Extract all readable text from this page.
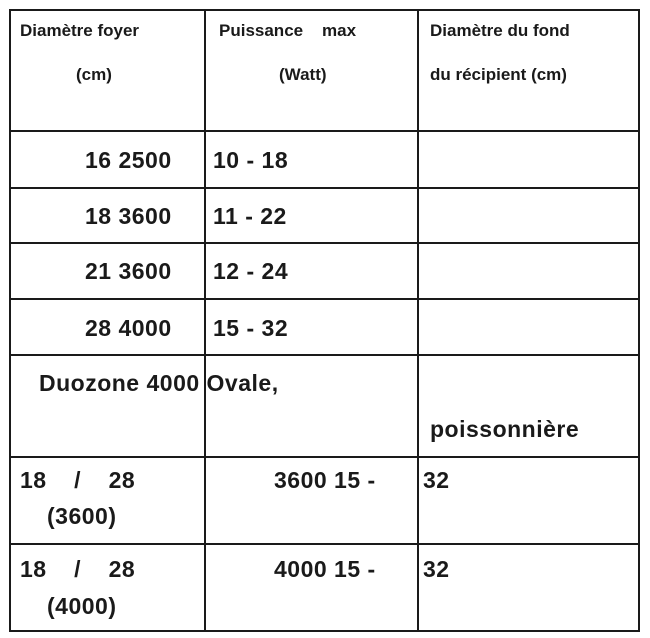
Diamètre foyer
(cm)
Puissance    max
(Watt)
Diamètre du fond
du récipient (cm)
16 2500 10 - 18
18 3600 11 - 22
21 3600 12 - 24
28 4000 15 - 32
Duozone 4000 Ovale,
poissonnière
18    /    28
(3600)
3600 15 - 32
18    /    28
(4000)
4000 15 - 32
